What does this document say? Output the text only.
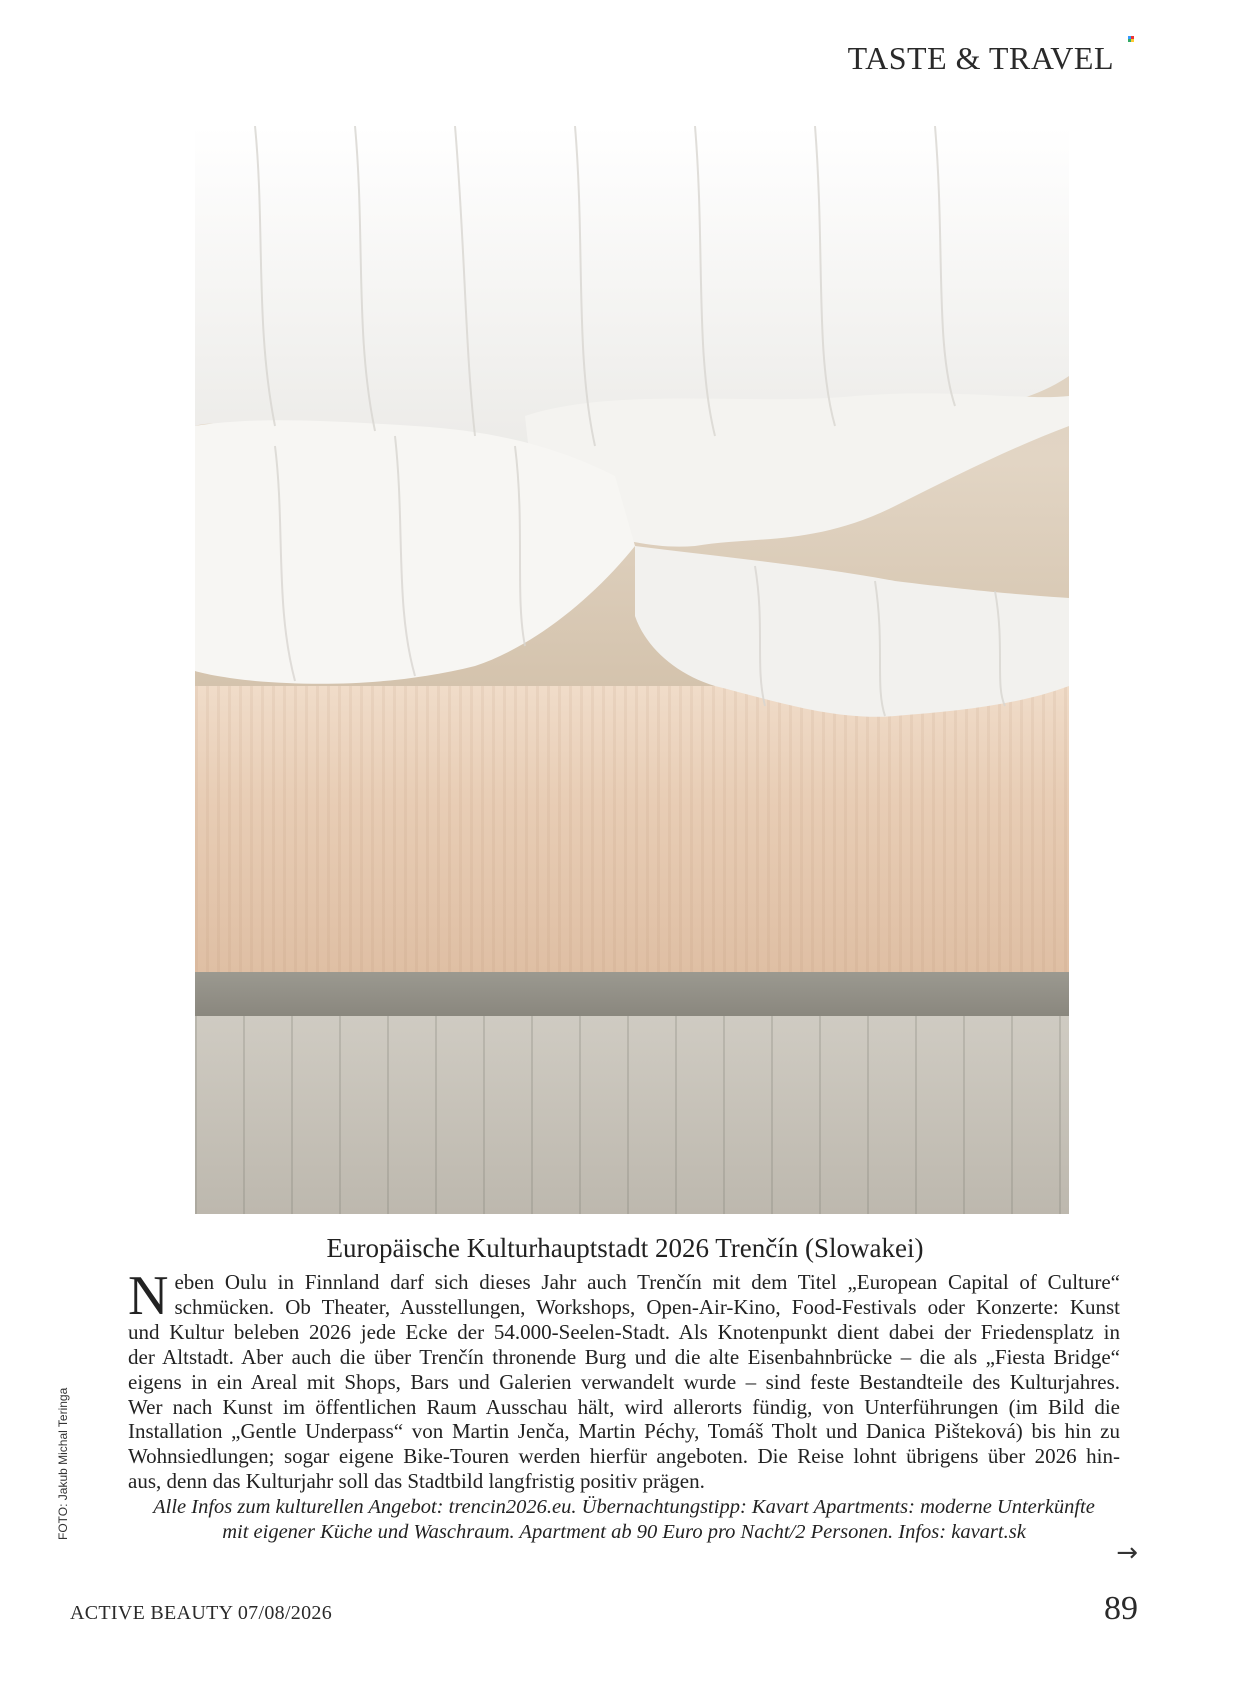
TASTE & TRAVEL
Europäische Kulturhauptstadt 2026 Trenčín (Slowakei)
N eben Oulu in Finnland darf sich dieses Jahr auch Trenčín mit dem Titel „European Capital of Culture“
schmücken. Ob Theater, Ausstellungen, Workshops, Open-Air-Kino, Food-Festivals oder Konzerte: Kunst
und Kultur beleben 2026 jede Ecke der 54.000-Seelen-Stadt. Als Knotenpunkt dient dabei der Friedensplatz in
der Altstadt. Aber auch die über Trenčín thronende Burg und die alte Eisenbahnbrücke – die als „Fiesta Bridge“
eigens in ein Areal mit Shops, Bars und Galerien verwandelt wurde – sind feste Bestandteile des Kulturjahres.
Wer nach Kunst im öffentlichen Raum Ausschau hält, wird allerorts fündig, von Unterführungen (im Bild die
Installation „Gentle Underpass“ von Martin Jenča, Martin Péchy, Tomáš Tholt und Danica Pišteková) bis hin zu
Wohnsiedlungen; sogar eigene Bike-Touren werden hierfür angeboten. Die Reise lohnt übrigens über 2026 hin-
aus, denn das Kulturjahr soll das Stadtbild langfristig positiv prägen.
Alle Infos zum kulturellen Angebot: trencin2026.eu. Übernachtungstipp: Kavart Apartments: moderne Unterkünfte
mit eigener Küche und Waschraum. Apartment ab 90 Euro pro Nacht/2 Personen. Infos: kavart.sk
FOTO: Jakub Michal Teringa
→
ACTIVE BEAUTY 07/08/2026	89
